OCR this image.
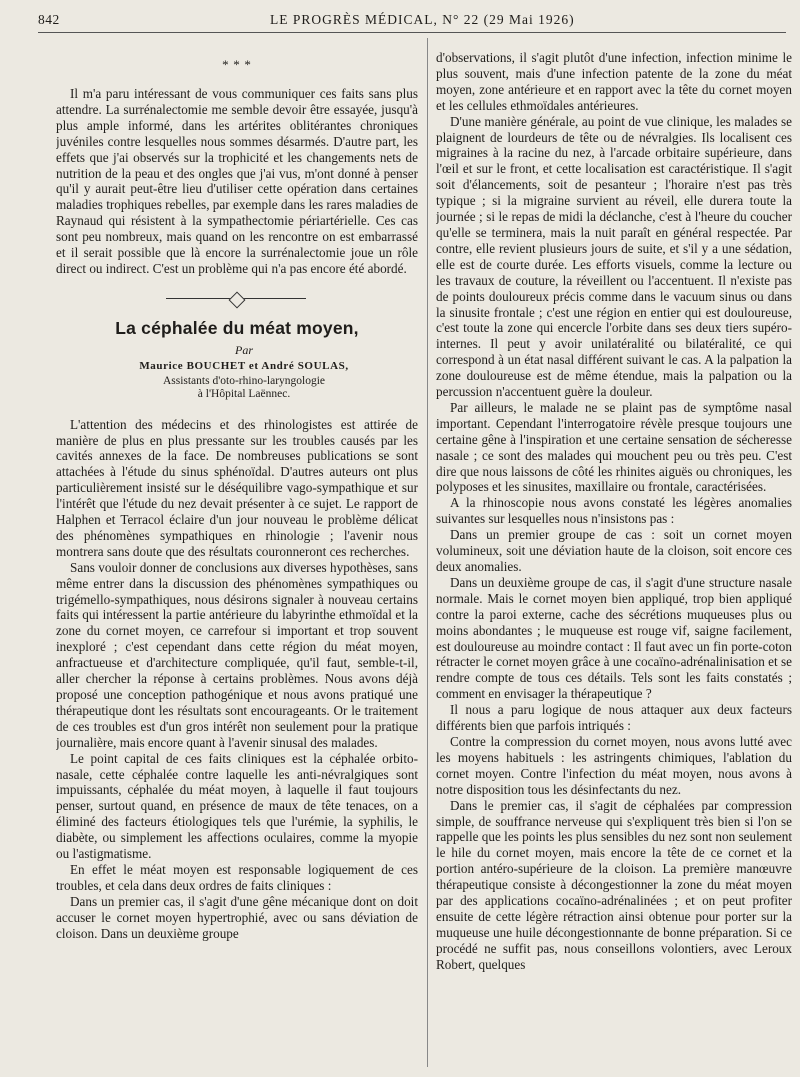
842	LE PROGRÈS MÉDICAL, N° 22 (29 Mai 1926)
* * *

Il m'a paru intéressant de vous communiquer ces faits sans plus attendre. La surrénalectomie me semble devoir être essayée, jusqu'à plus ample informé, dans les artérites oblitérantes chroniques juvéniles contre lesquelles nous sommes désarmés. D'autre part, les effets que j'ai observés sur la trophicité et les changements nets de nutrition de la peau et des ongles que j'ai vus, m'ont donné à penser qu'il y aurait peut-être lieu d'utiliser cette opération dans certaines maladies trophiques rebelles, par exemple dans les rares maladies de Raynaud qui résistent à la sympathectomie périartérielle. Ces cas sont peu nombreux, mais quand on les rencontre on est embarrassé et il serait possible que là encore la surrénalectomie joue un rôle direct ou indirect. C'est un problème qui n'a pas encore été abordé.

La céphalée du méat moyen,

Par

Maurice BOUCHET et André SOULAS,

Assistants d'oto-rhino-laryngologie

à l'Hôpital Laënnec.

L'attention des médecins et des rhinologistes est attirée de manière de plus en plus pressante sur les troubles causés par les cavités annexes de la face. De nombreuses publications se sont attachées à l'étude du sinus sphénoïdal. D'autres auteurs ont plus particulièrement insisté sur le déséquilibre vago-sympathique et sur l'intérêt que l'étude du nez devait présenter à ce sujet. Le rapport de Halphen et Terracol éclaire d'un jour nouveau le problème délicat des phénomènes sympathiques en rhinologie ; l'avenir nous montrera sans doute que des résultats couronneront ces recherches.

Sans vouloir donner de conclusions aux diverses hypothèses, sans même entrer dans la discussion des phénomènes sympathiques ou trigémello-sympathiques, nous désirons signaler à nouveau certains faits qui intéressent la partie antérieure du labyrinthe ethmoïdal et la zone du cornet moyen, ce carrefour si important et trop souvent inexploré ; c'est cependant dans cette région du méat moyen, anfractueuse et d'architecture compliquée, qu'il faut, semble-t-il, aller chercher la réponse à certains problèmes. Nous avons déjà proposé une conception pathogénique et nous avons pratiqué une thérapeutique dont les résultats sont encourageants. Or le traitement de ces troubles est d'un gros intérêt non seulement pour la pratique journalière, mais encore quant à l'avenir sinusal des malades.

Le point capital de ces faits cliniques est la céphalée orbito-nasale, cette céphalée contre laquelle les anti-névralgiques sont impuissants, céphalée du méat moyen, à laquelle il faut toujours penser, surtout quand, en présence de maux de tête tenaces, on a éliminé des facteurs étiologiques tels que l'urémie, la syphilis, le diabète, ou simplement les affections oculaires, comme la myopie ou l'astigmatisme.

En effet le méat moyen est responsable logiquement de ces troubles, et cela dans deux ordres de faits cliniques :

Dans un premier cas, il s'agit d'une gêne mécanique dont on doit accuser le cornet moyen hypertrophié, avec ou sans déviation de cloison. Dans un deuxième groupe

d'observations, il s'agit plutôt d'une infection, infection minime le plus souvent, mais d'une infection patente de la zone du méat moyen, zone antérieure et en rapport avec la tête du cornet moyen et les cellules ethmoïdales antérieures.

D'une manière générale, au point de vue clinique, les malades se plaignent de lourdeurs de tête ou de névralgies. Ils localisent ces migraines à la racine du nez, à l'arcade orbitaire supérieure, dans l'œil et sur le front, et cette localisation est caractéristique. Il s'agit soit d'élancements, soit de pesanteur ; l'horaire n'est pas très typique ; si la migraine survient au réveil, elle durera toute la journée ; si le repas de midi la déclanche, c'est à l'heure du coucher qu'elle se terminera, mais la nuit paraît en général respectée. Par contre, elle revient plusieurs jours de suite, et s'il y a une sédation, elle est de courte durée. Les efforts visuels, comme la lecture ou les travaux de couture, la réveillent ou l'accentuent. Il n'existe pas de points douloureux précis comme dans le vacuum sinus ou dans la sinusite frontale ; c'est une région en entier qui est douloureuse, c'est toute la zone qui encercle l'orbite dans ses deux tiers supéro-internes. Il peut y avoir unilatéralité ou bilatéralité, ce qui correspond à un état nasal différent suivant le cas. A la palpation la zone douloureuse est de même étendue, mais la palpation ou la percussion n'accentuent guère la douleur.

Par ailleurs, le malade ne se plaint pas de symptôme nasal important. Cependant l'interrogatoire révèle presque toujours une certaine gêne à l'inspiration et une certaine sensation de sécheresse nasale ; ce sont des malades qui mouchent peu ou très peu. C'est dire que nous laissons de côté les rhinites aiguës ou chroniques, les polyposes et les sinusites, maxillaire ou frontale, caractérisées.

A la rhinoscopie nous avons constaté les légères anomalies suivantes sur lesquelles nous n'insistons pas :

Dans un premier groupe de cas : soit un cornet moyen volumineux, soit une déviation haute de la cloison, soit encore ces deux anomalies.

Dans un deuxième groupe de cas, il s'agit d'une structure nasale normale. Mais le cornet moyen bien appliqué, trop bien appliqué contre la paroi externe, cache des sécrétions muqueuses plus ou moins abondantes ; le muqueuse est rouge vif, saigne facilement, est douloureuse au moindre contact : Il faut avec un fin porte-coton rétracter le cornet moyen grâce à une cocaïno-adrénalinisation et se rendre compte de tous ces détails. Tels sont les faits constatés ; comment en envisager la thérapeutique ?

Il nous a paru logique de nous attaquer aux deux facteurs différents bien que parfois intriqués :

Contre la compression du cornet moyen, nous avons lutté avec les moyens habituels : les astringents chimiques, l'ablation du cornet moyen. Contre l'infection du méat moyen, nous avons à notre disposition tous les désinfectants du nez.

Dans le premier cas, il s'agit de céphalées par compression simple, de souffrance nerveuse qui s'expliquent très bien si l'on se rappelle que les points les plus sensibles du nez sont non seulement le hile du cornet moyen, mais encore la tête de ce cornet et la portion antéro-supérieure de la cloison. La première manœuvre thérapeutique consiste à décongestionner la zone du méat moyen par des applications cocaïno-adrénalinées ; et on peut profiter ensuite de cette légère rétraction ainsi obtenue pour porter sur la muqueuse une huile décongestionnante de bonne préparation. Si ce procédé ne suffit pas, nous conseillons volontiers, avec Leroux Robert, quelques
